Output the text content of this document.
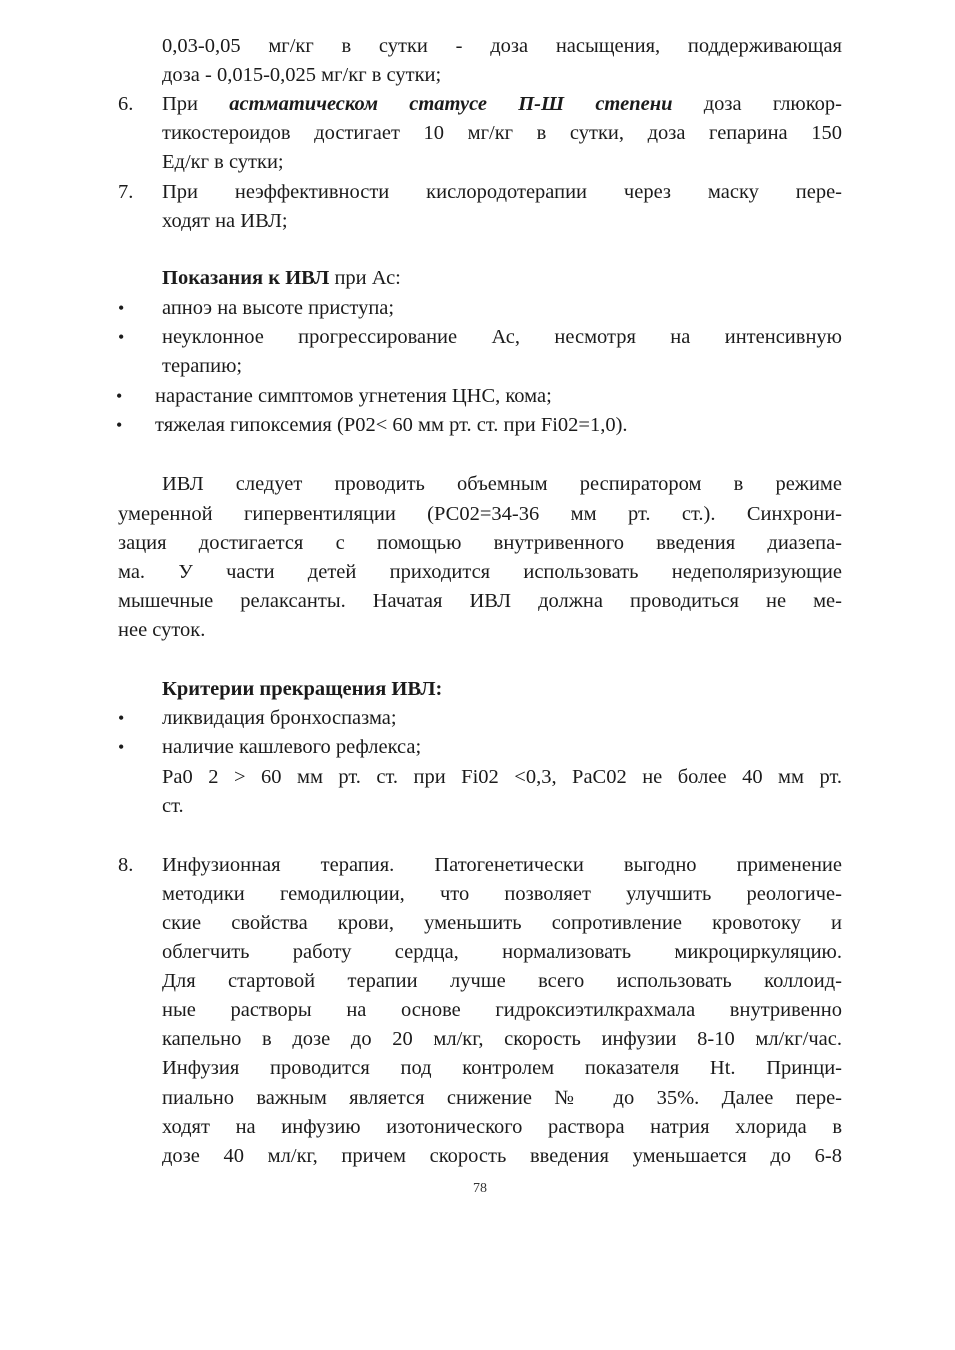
0,03-0,05 мг/кг в сутки - доза насыщения, поддерживающая
доза - 0,015-0,025 мг/кг в сутки;
6. При астматическом статусе П-Ш степени доза глюкор-
тикостероидов достигает 10 мг/кг в сутки, доза гепарина 150
Ед/кг в сутки;
7. При неэффективности кислородотерапии через маску пере-
ходят на ИВЛ;
Показания к ИВЛ при Ас:
• апноэ на высоте приступа;
• неуклонное прогрессирование Ас, несмотря на интенсивную
терапию;
• нарастание симптомов угнетения ЦНС, кома;
• тяжелая гипоксемия (Р02< 60 мм рт. ст. при Fi02=1,0).
ИВЛ следует проводить объемным респиратором в режиме
умеренной гипервентиляции (РС02=34-36 мм рт. ст.). Синхрони-
зация достигается с помощью внутривенного введения диазепа-
ма. У части детей приходится использовать недеполяризующие
мышечные релаксанты. Начатая ИВЛ должна проводиться не ме-
нее суток.
Критерии прекращения ИВЛ:
• ликвидация бронхоспазма;
• наличие кашлевого рефлекса;
Ра0 2 > 60 мм рт. ст. при Fi02 <0,3, РаС02 не более 40 мм рт.
ст.
8. Инфузионная терапия. Патогенетически выгодно применение
методики гемодилюции, что позволяет улучшить реологиче-
ские свойства крови, уменьшить сопротивление кровотоку и
облегчить работу сердца, нормализовать микроциркуляцию.
Для стартовой терапии лучше всего использовать коллоид-
ные растворы на основе гидроксиэтилкрахмала внутривенно
капельно в дозе до 20 мл/кг, скорость инфузии 8-10 мл/кг/час.
Инфузия проводится под контролем показателя Ht. Принци-
пиально важным является снижение № до 35%. Далее пере-
ходят на инфузию изотонического раствора натрия хлорида в
дозе 40 мл/кг, причем скорость введения уменьшается до 6-8
78
